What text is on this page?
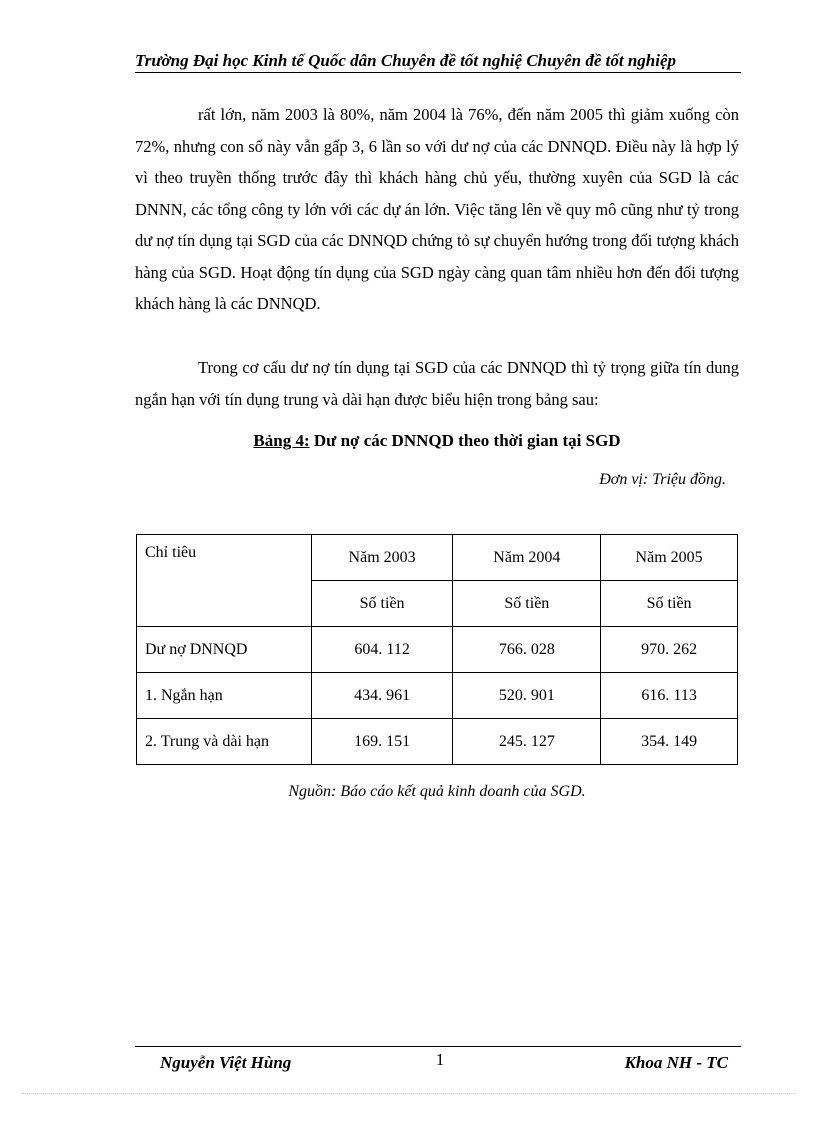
Trường Đại học Kinh tế Quốc dân Chuyên đề tốt nghiệ Chuyên đề tốt nghiệp

rất lớn, năm 2003 là 80%, năm 2004 là 76%, đến năm 2005 thì giảm xuống còn 72%, nhưng con số này vẫn gấp 3, 6 lần so với dư nợ của các DNNQD. Điều này là hợp lý vì theo truyền thống trước đây thì khách hàng chủ yếu, thường xuyên của SGD là các DNNN, các tổng công ty lớn với các dự án lớn. Việc tăng lên về quy mô cũng như tỷ trong dư nợ tín dụng tại SGD của các DNNQD chứng tỏ sự chuyển hướng trong đối tượng khách hàng của SGD. Hoạt động tín dụng của SGD ngày càng quan tâm nhiều hơn đến đối tượng khách hàng là các DNNQD.

Trong cơ cấu dư nợ tín dụng tại SGD của các DNNQD thì tỷ trọng giữa tín dung ngắn hạn với tín dụng trung và dài hạn được biểu hiện trong bảng sau:

Bảng 4: Dư nợ các DNNQD theo thời gian tại SGD
Đơn vị: Triệu đồng.
Chỉ tiêu	Năm 2003	Năm 2004	Năm 2005
	Số tiền	Số tiền	Số tiền
Dư nợ DNNQD	604. 112	766. 028	970. 262
1. Ngắn hạn	434. 961	520. 901	616. 113
2. Trung và dài hạn	169. 151	245. 127	354. 149
Nguồn: Báo cáo kết quả kinh doanh của SGD.
Nguyễn Việt Hùng	1	Khoa NH - TC
